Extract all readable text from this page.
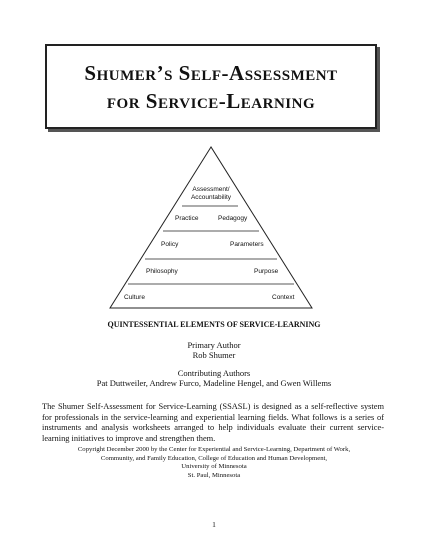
Shumer’s Self-Assessment
for Service-Learning
Assessment/
Accountability
Practice	Pedagogy
Policy	Parameters
Philosophy	Purpose
Culture	Context
QUINTESSENTIAL ELEMENTS OF SERVICE-LEARNING
Primary Author
Rob Shumer
Contributing Authors
Pat Duttweiler, Andrew Furco, Madeline Hengel, and Gwen Willems
The Shumer Self-Assessment for Service-Learning (SSASL) is designed as a self-reflective system for professionals in the service-learning and experiential learning fields. What follows is a series of instruments and analysis worksheets arranged to help individuals evaluate their current service-learning initiatives to improve and strengthen them.
Copyright December 2000 by the Center for Experiential and Service-Learning, Department of Work,
Community, and Family Education, College of Education and Human Development,
University of Minnesota
St. Paul, Minnesota
1
